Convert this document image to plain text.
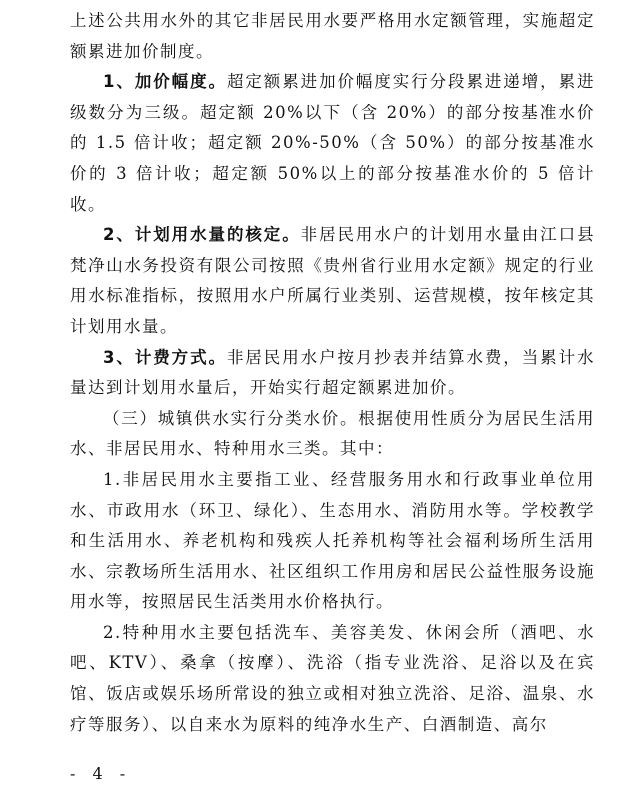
上述公共用水外的其它非居民用水要严格用水定额管理，实施超定额累进加价制度。

1、加价幅度。超定额累进加价幅度实行分段累进递增，累进级数分为三级。超定额 20%以下（含 20%）的部分按基准水价的 1.5 倍计收；超定额 20%-50%（含 50%）的部分按基准水价的 3 倍计收；超定额 50%以上的部分按基准水价的 5 倍计收。

2、计划用水量的核定。非居民用水户的计划用水量由江口县梵净山水务投资有限公司按照《贵州省行业用水定额》规定的行业用水标准指标，按照用水户所属行业类别、运营规模，按年核定其计划用水量。

3、计费方式。非居民用水户按月抄表并结算水费，当累计水量达到计划用水量后，开始实行超定额累进加价。

（三）城镇供水实行分类水价。根据使用性质分为居民生活用水、非居民用水、特种用水三类。其中：

1.非居民用水主要指工业、经营服务用水和行政事业单位用水、市政用水（环卫、绿化）、生态用水、消防用水等。学校教学和生活用水、养老机构和残疾人托养机构等社会福利场所生活用水、宗教场所生活用水、社区组织工作用房和居民公益性服务设施用水等，按照居民生活类用水价格执行。

2.特种用水主要包括洗车、美容美发、休闲会所（酒吧、水吧、KTV）、桑拿（按摩）、洗浴（指专业洗浴、足浴以及在宾馆、饭店或娱乐场所常设的独立或相对独立洗浴、足浴、温泉、水疗等服务）、以自来水为原料的纯净水生产、白酒制造、高尔

- 4 -
